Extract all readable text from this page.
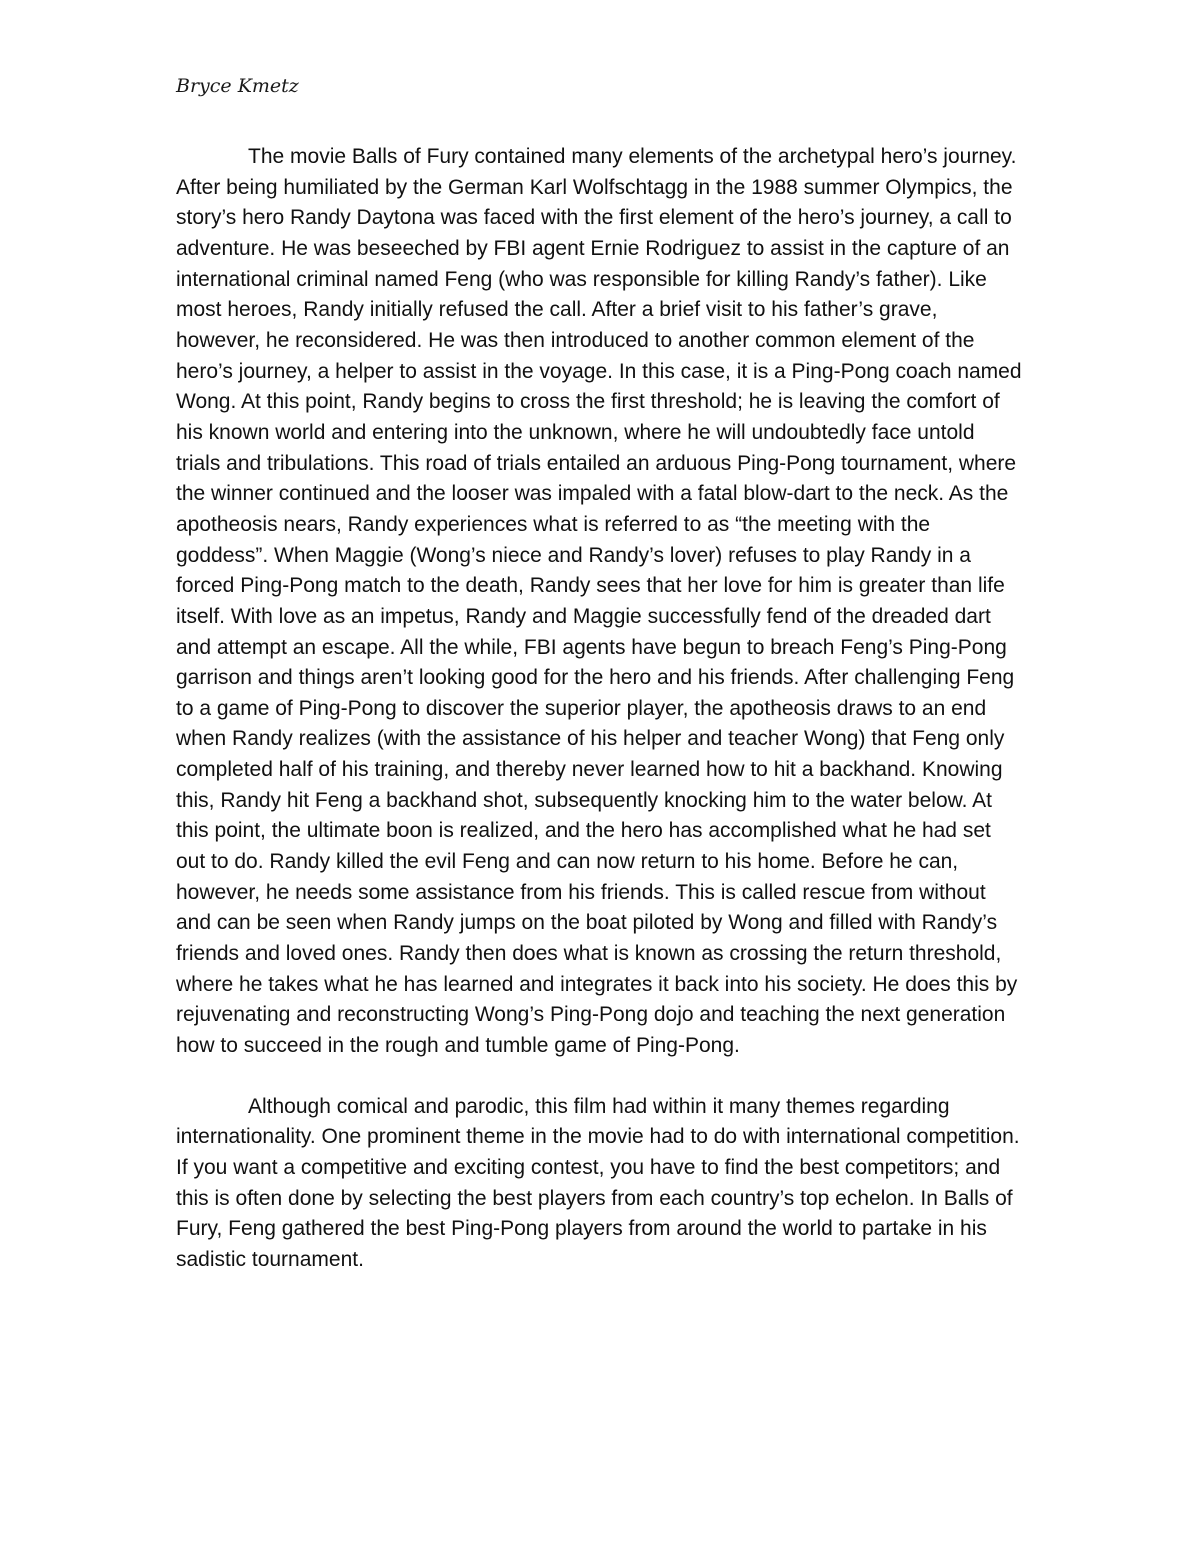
Bryce Kmetz

The movie Balls of Fury contained many elements of the archetypal hero’s journey. After being humiliated by the German Karl Wolfschtagg in the 1988 summer Olympics, the story’s hero Randy Daytona was faced with the first element of the hero’s journey, a call to adventure. He was beseeched by FBI agent Ernie Rodriguez to assist in the capture of an international criminal named Feng (who was responsible for killing Randy’s father). Like most heroes, Randy initially refused the call. After a brief visit to his father’s grave, however, he reconsidered. He was then introduced to another common element of the hero’s journey, a helper to assist in the voyage. In this case, it is a Ping-Pong coach named Wong. At this point, Randy begins to cross the first threshold; he is leaving the comfort of his known world and entering into the unknown, where he will undoubtedly face untold trials and tribulations. This road of trials entailed an arduous Ping-Pong tournament, where the winner continued and the looser was impaled with a fatal blow-dart to the neck. As the apotheosis nears, Randy experiences what is referred to as “the meeting with the goddess”. When Maggie (Wong’s niece and Randy’s lover) refuses to play Randy in a forced Ping-Pong match to the death, Randy sees that her love for him is greater than life itself. With love as an impetus, Randy and Maggie successfully fend of the dreaded dart and attempt an escape. All the while, FBI agents have begun to breach Feng’s Ping-Pong garrison and things aren’t looking good for the hero and his friends. After challenging Feng to a game of Ping-Pong to discover the superior player, the apotheosis draws to an end when Randy realizes (with the assistance of his helper and teacher Wong) that Feng only completed half of his training, and thereby never learned how to hit a backhand. Knowing this, Randy hit Feng a backhand shot, subsequently knocking him to the water below. At this point, the ultimate boon is realized, and the hero has accomplished what he had set out to do. Randy killed the evil Feng and can now return to his home. Before he can, however, he needs some assistance from his friends. This is called rescue from without and can be seen when Randy jumps on the boat piloted by Wong and filled with Randy’s friends and loved ones. Randy then does what is known as crossing the return threshold, where he takes what he has learned and integrates it back into his society. He does this by rejuvenating and reconstructing Wong’s Ping-Pong dojo and teaching the next generation how to succeed in the rough and tumble game of Ping-Pong.

Although comical and parodic, this film had within it many themes regarding internationality. One prominent theme in the movie had to do with international competition. If you want a competitive and exciting contest, you have to find the best competitors; and this is often done by selecting the best players from each country’s top echelon. In Balls of Fury, Feng gathered the best Ping-Pong players from around the world to partake in his sadistic tournament.
